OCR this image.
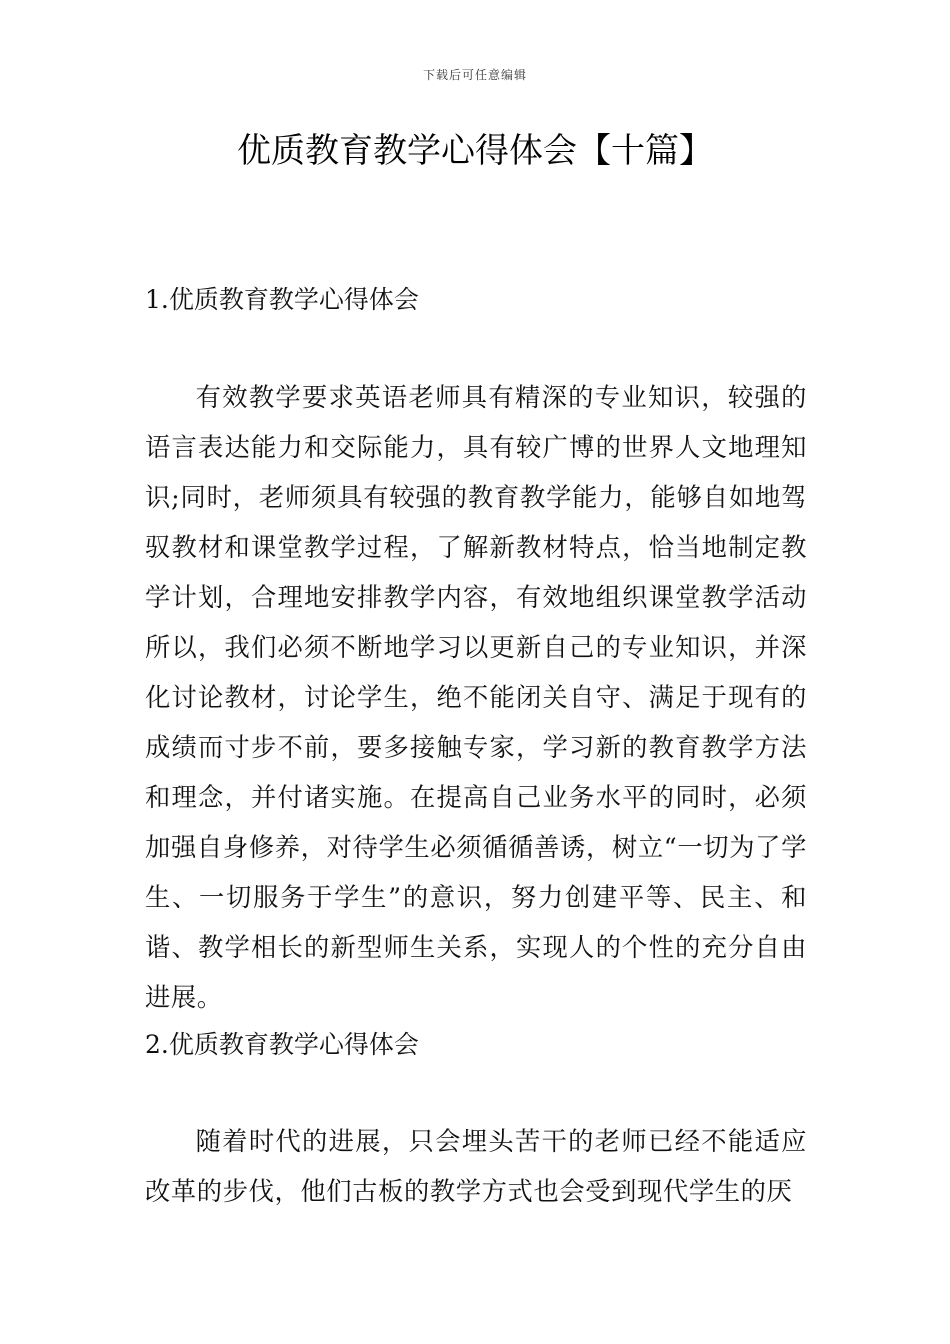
下载后可任意编辑
优质教育教学心得体会【十篇】

1.优质教育教学心得体会

有效教学要求英语老师具有精深的专业知识，较强的语言表达能力和交际能力，具有较广博的世界人文地理知识;同时，老师须具有较强的教育教学能力，能够自如地驾驭教材和课堂教学过程，了解新教材特点，恰当地制定教学计划，合理地安排教学内容，有效地组织课堂教学活动所以，我们必须不断地学习以更新自己的专业知识，并深化讨论教材，讨论学生，绝不能闭关自守、满足于现有的成绩而寸步不前，要多接触专家，学习新的教育教学方法和理念，并付诸实施。在提高自己业务水平的同时，必须加强自身修养，对待学生必须循循善诱，树立“一切为了学生、一切服务于学生”的意识，努力创建平等、民主、和谐、教学相长的新型师生关系，实现人的个性的充分自由进展。

2.优质教育教学心得体会

随着时代的进展，只会埋头苦干的老师已经不能适应改革的步伐，他们古板的教学方式也会受到现代学生的厌
